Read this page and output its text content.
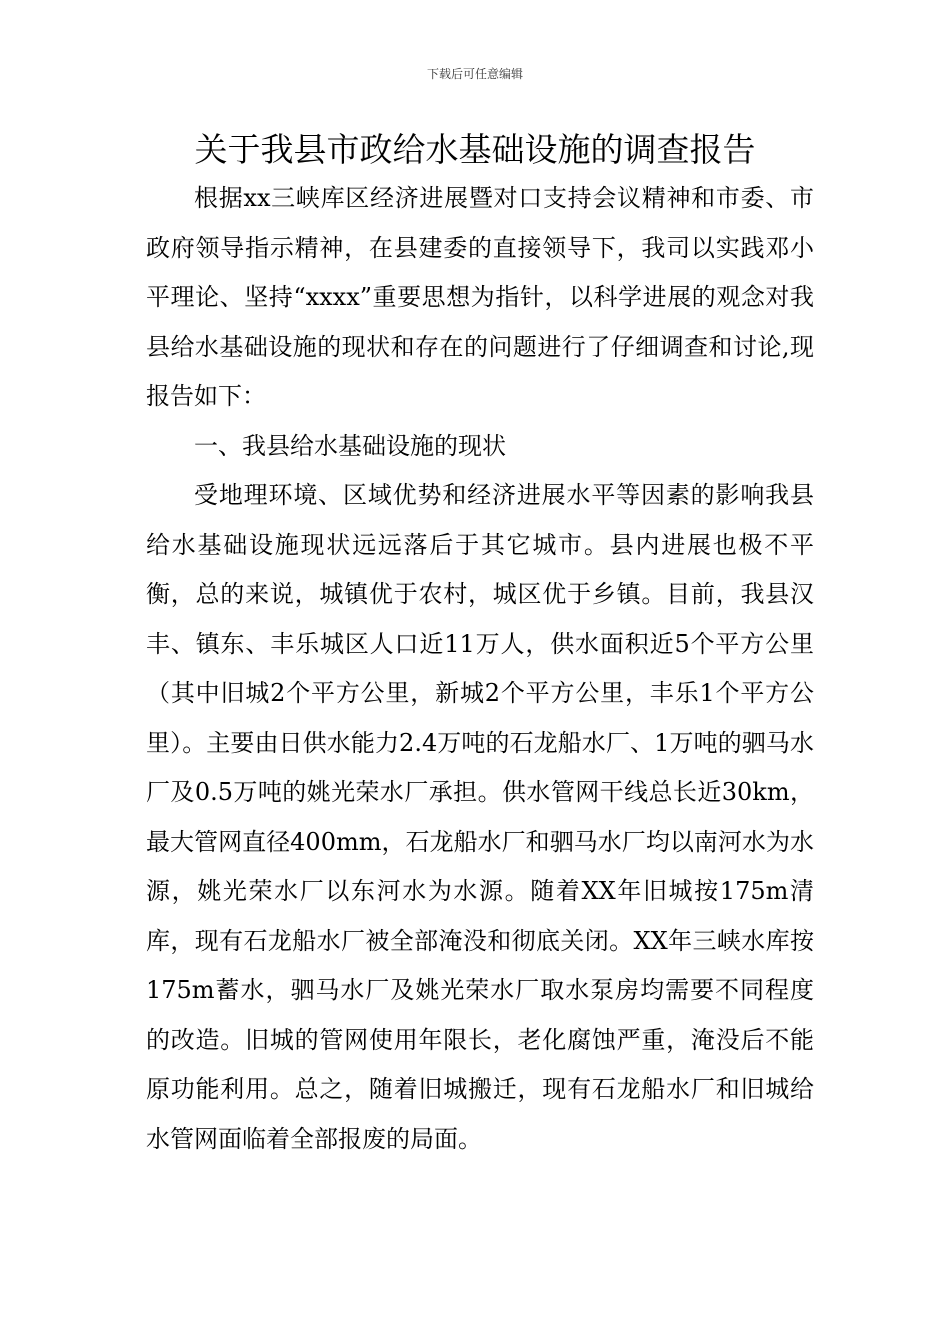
下载后可任意编辑
关于我县市政给水基础设施的调查报告

根据xx三峡库区经济进展暨对口支持会议精神和市委、市政府领导指示精神，在县建委的直接领导下，我司以实践邓小平理论、坚持“xxxx”重要思想为指针，以科学进展的观念对我县给水基础设施的现状和存在的问题进行了仔细调查和讨论,现报告如下：

一、我县给水基础设施的现状

受地理环境、区域优势和经济进展水平等因素的影响我县给水基础设施现状远远落后于其它城市。县内进展也极不平衡，总的来说，城镇优于农村，城区优于乡镇。目前，我县汉丰、镇东、丰乐城区人口近11万人，供水面积近5个平方公里（其中旧城2个平方公里，新城2个平方公里，丰乐1个平方公里）。主要由日供水能力2.4万吨的石龙船水厂、1万吨的驷马水厂及0.5万吨的姚光荣水厂承担。供水管网干线总长近30km，最大管网直径400mm，石龙船水厂和驷马水厂均以南河水为水源，姚光荣水厂以东河水为水源。随着XX年旧城按175m清库，现有石龙船水厂被全部淹没和彻底关闭。XX年三峡水库按175m蓄水，驷马水厂及姚光荣水厂取水泵房均需要不同程度的改造。旧城的管网使用年限长，老化腐蚀严重，淹没后不能原功能利用。总之，随着旧城搬迁，现有石龙船水厂和旧城给水管网面临着全部报废的局面。
